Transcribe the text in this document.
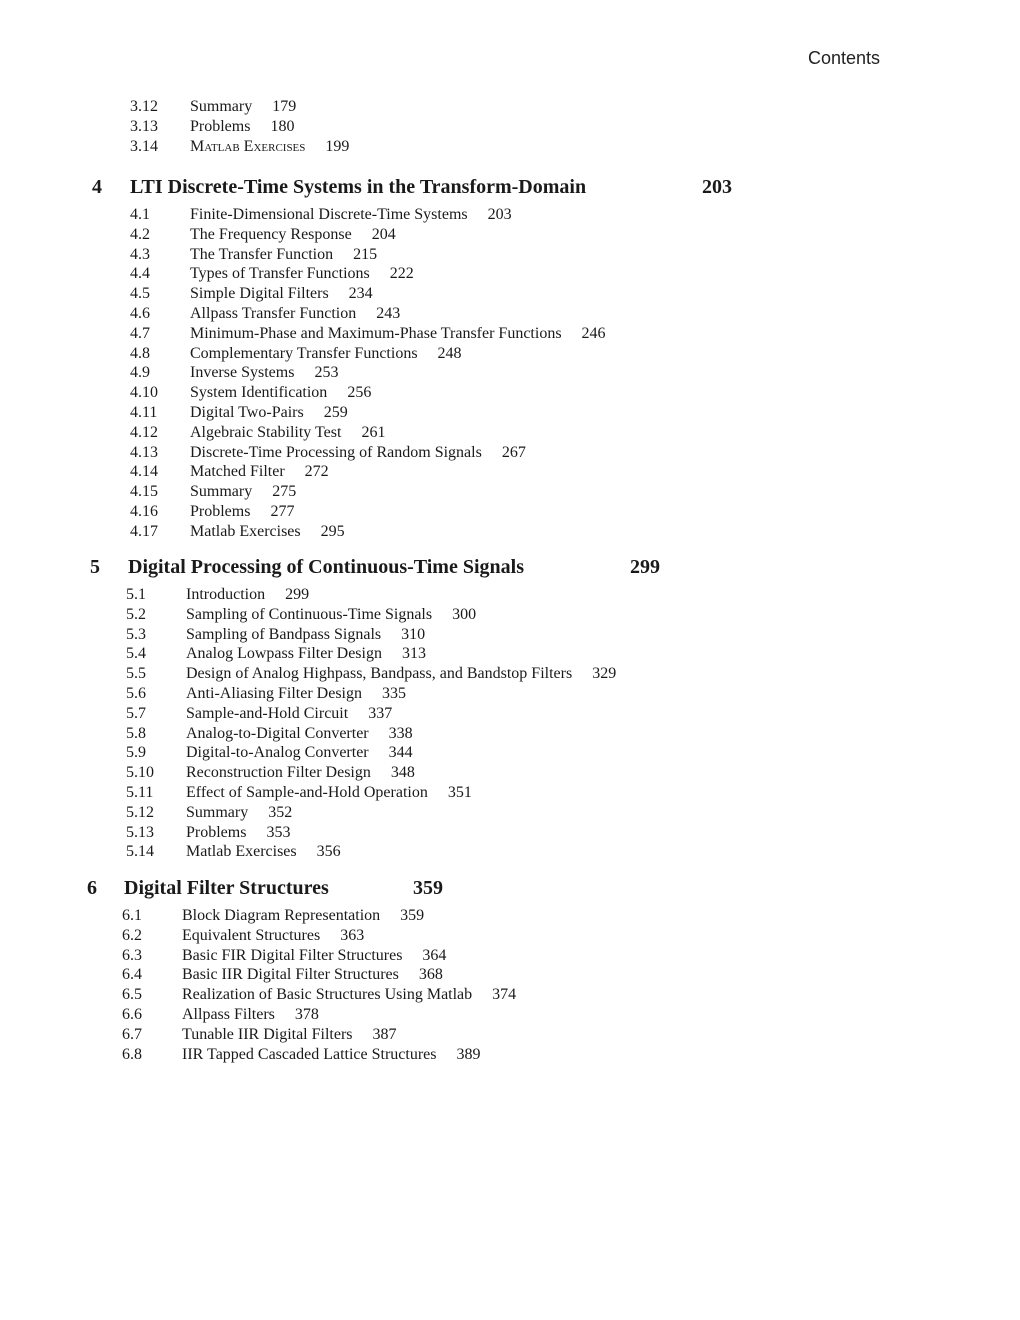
Contents
3.12 Summary 179
3.13 Problems 180
3.14 Matlab Exercises 199
4 LTI Discrete-Time Systems in the Transform-Domain	203
4.1	Finite-Dimensional Discrete-Time Systems 203
4.2	The Frequency Response 204
4.3	The Transfer Function 215
4.4	Types of Transfer Functions 222
4.5	Simple Digital Filters 234
4.6	Allpass Transfer Function 243
4.7	Minimum-Phase and Maximum-Phase Transfer Functions 246
4.8	Complementary Transfer Functions 248
4.9	Inverse Systems 253
4.10 System Identification 256
4.11 Digital Two-Pairs 259
4.12 Algebraic Stability Test 261
4.13 Discrete-Time Processing of Random Signals 267
4.14 Matched Filter 272
4.15 Summary 275
4.16 Problems 277
4.17 Matlab Exercises 295
5 Digital Processing of Continuous-Time Signals	299
5.1	Introduction 299
5.2	Sampling of Continuous-Time Signals 300
5.3	Sampling of Bandpass Signals 310
5.4	Analog Lowpass Filter Design 313
5.5	Design of Analog Highpass, Bandpass, and Bandstop Filters 329
5.6	Anti-Aliasing Filter Design 335
5.7	Sample-and-Hold Circuit 337
5.8	Analog-to-Digital Converter 338
5.9	Digital-to-Analog Converter 344
5.10 Reconstruction Filter Design 348
5.11 Effect of Sample-and-Hold Operation 351
5.12 Summary 352
5.13 Problems 353
5.14 Matlab Exercises 356
6 Digital Filter Structures	359
6.1	Block Diagram Representation 359
6.2	Equivalent Structures 363
6.3	Basic FIR Digital Filter Structures 364
6.4	Basic IIR Digital Filter Structures 368
6.5	Realization of Basic Structures Using Matlab 374
6.6	Allpass Filters 378
6.7	Tunable IIR Digital Filters 387
6.8	IIR Tapped Cascaded Lattice Structures 389
